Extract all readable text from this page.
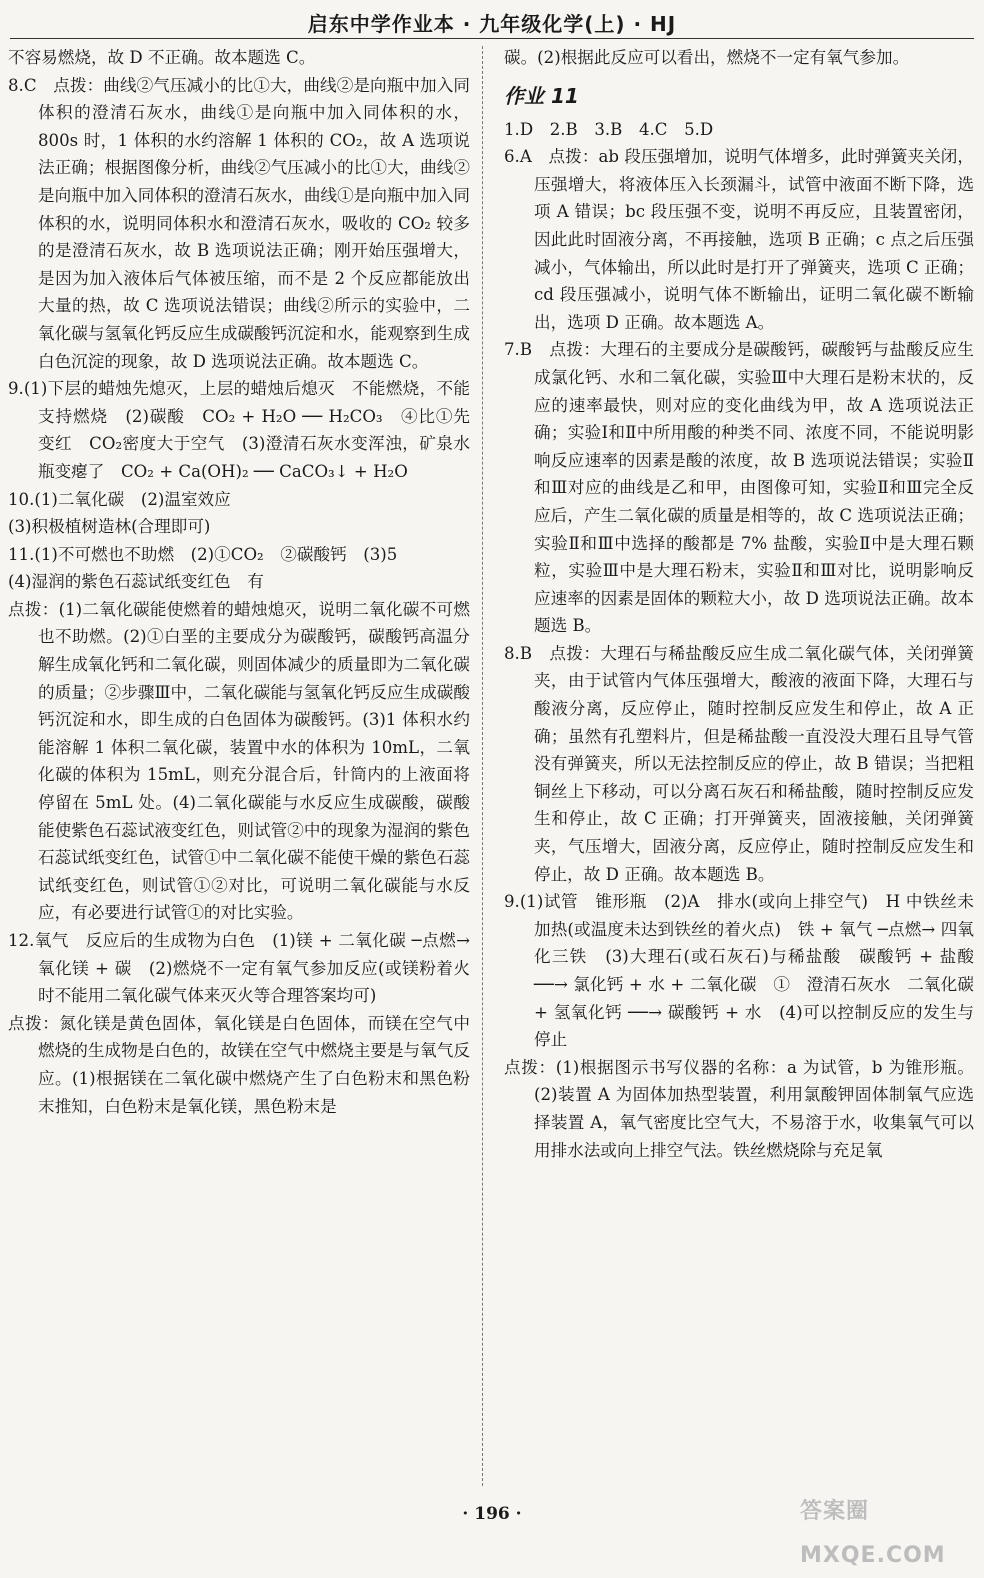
启东中学作业本 · 九年级化学(上) · HJ

不容易燃烧，故 D 不正确。故本题选 C。

8.C　点拨：曲线②气压减小的比①大，曲线②是向瓶中加入同体积的澄清石灰水，曲线①是向瓶中加入同体积的水，800s 时，1 体积的水约溶解 1 体积的 CO₂，故 A 选项说法正确；根据图像分析，曲线②气压减小的比①大，曲线②是向瓶中加入同体积的澄清石灰水，曲线①是向瓶中加入同体积的水，说明同体积水和澄清石灰水，吸收的 CO₂ 较多的是澄清石灰水，故 B 选项说法正确；刚开始压强增大，是因为加入液体后气体被压缩，而不是 2 个反应都能放出大量的热，故 C 选项说法错误；曲线②所示的实验中，二氧化碳与氢氧化钙反应生成碳酸钙沉淀和水，能观察到生成白色沉淀的现象，故 D 选项说法正确。故本题选 C。

9.(1)下层的蜡烛先熄灭，上层的蜡烛后熄灭　不能燃烧，不能支持燃烧　(2)碳酸　CO₂ + H₂O ── H₂CO₃　④比①先变红　CO₂密度大于空气　(3)澄清石灰水变浑浊，矿泉水瓶变瘪了　CO₂ + Ca(OH)₂ ── CaCO₃↓ + H₂O

10.(1)二氧化碳　(2)温室效应

(3)积极植树造林(合理即可)

11.(1)不可燃也不助燃　(2)①CO₂　②碳酸钙　(3)5

(4)湿润的紫色石蕊试纸变红色　有

点拨：(1)二氧化碳能使燃着的蜡烛熄灭，说明二氧化碳不可燃也不助燃。(2)①白垩的主要成分为碳酸钙，碳酸钙高温分解生成氧化钙和二氧化碳，则固体减少的质量即为二氧化碳的质量；②步骤Ⅲ中，二氧化碳能与氢氧化钙反应生成碳酸钙沉淀和水，即生成的白色固体为碳酸钙。(3)1 体积水约能溶解 1 体积二氧化碳，装置中水的体积为 10mL，二氧化碳的体积为 15mL，则充分混合后，针筒内的上液面将停留在 5mL 处。(4)二氧化碳能与水反应生成碳酸，碳酸能使紫色石蕊试液变红色，则试管②中的现象为湿润的紫色石蕊试纸变红色，试管①中二氧化碳不能使干燥的紫色石蕊试纸变红色，则试管①②对比，可说明二氧化碳能与水反应，有必要进行试管①的对比实验。

12.氧气　反应后的生成物为白色　(1)镁 + 二氧化碳 ─点燃→ 氧化镁 + 碳　(2)燃烧不一定有氧气参加反应(或镁粉着火时不能用二氧化碳气体来灭火等合理答案均可)

点拨：氮化镁是黄色固体，氧化镁是白色固体，而镁在空气中燃烧的生成物是白色的，故镁在空气中燃烧主要是与氧气反应。(1)根据镁在二氧化碳中燃烧产生了白色粉末和黑色粉末推知，白色粉末是氧化镁，黑色粉末是

碳。(2)根据此反应可以看出，燃烧不一定有氧气参加。

作业 11

1.D　2.B　3.B　4.C　5.D

6.A　点拨：ab 段压强增加，说明气体增多，此时弹簧夹关闭，压强增大，将液体压入长颈漏斗，试管中液面不断下降，选项 A 错误；bc 段压强不变，说明不再反应，且装置密闭，因此此时固液分离，不再接触，选项 B 正确；c 点之后压强减小，气体输出，所以此时是打开了弹簧夹，选项 C 正确；cd 段压强减小，说明气体不断输出，证明二氧化碳不断输出，选项 D 正确。故本题选 A。

7.B　点拨：大理石的主要成分是碳酸钙，碳酸钙与盐酸反应生成氯化钙、水和二氧化碳，实验Ⅲ中大理石是粉末状的，反应的速率最快，则对应的变化曲线为甲，故 A 选项说法正确；实验Ⅰ和Ⅱ中所用酸的种类不同、浓度不同，不能说明影响反应速率的因素是酸的浓度，故 B 选项说法错误；实验Ⅱ和Ⅲ对应的曲线是乙和甲，由图像可知，实验Ⅱ和Ⅲ完全反应后，产生二氧化碳的质量是相等的，故 C 选项说法正确；实验Ⅱ和Ⅲ中选择的酸都是 7% 盐酸，实验Ⅱ中是大理石颗粒，实验Ⅲ中是大理石粉末，实验Ⅱ和Ⅲ对比，说明影响反应速率的因素是固体的颗粒大小，故 D 选项说法正确。故本题选 B。

8.B　点拨：大理石与稀盐酸反应生成二氧化碳气体，关闭弹簧夹，由于试管内气体压强增大，酸液的液面下降，大理石与酸液分离，反应停止，随时控制反应发生和停止，故 A 正确；虽然有孔塑料片，但是稀盐酸一直没没大理石且导气管没有弹簧夹，所以无法控制反应的停止，故 B 错误；当把粗铜丝上下移动，可以分离石灰石和稀盐酸，随时控制反应发生和停止，故 C 正确；打开弹簧夹，固液接触，关闭弹簧夹，气压增大，固液分离，反应停止，随时控制反应发生和停止，故 D 正确。故本题选 B。

9.(1)试管　锥形瓶　(2)A　排水(或向上排空气)　H 中铁丝未加热(或温度未达到铁丝的着火点)　铁 + 氧气 ─点燃→ 四氧化三铁　(3)大理石(或石灰石)与稀盐酸　碳酸钙 + 盐酸 ──→ 氯化钙 + 水 + 二氧化碳　①　澄清石灰水　二氧化碳 + 氢氧化钙 ──→ 碳酸钙 + 水　(4)可以控制反应的发生与停止

点拨：(1)根据图示书写仪器的名称：a 为试管，b 为锥形瓶。(2)装置 A 为固体加热型装置，利用氯酸钾固体制氧气应选择装置 A，氧气密度比空气大，不易溶于水，收集氧气可以用排水法或向上排空气法。铁丝燃烧除与充足氧

· 196 ·	答案圈 MXQE.COM
